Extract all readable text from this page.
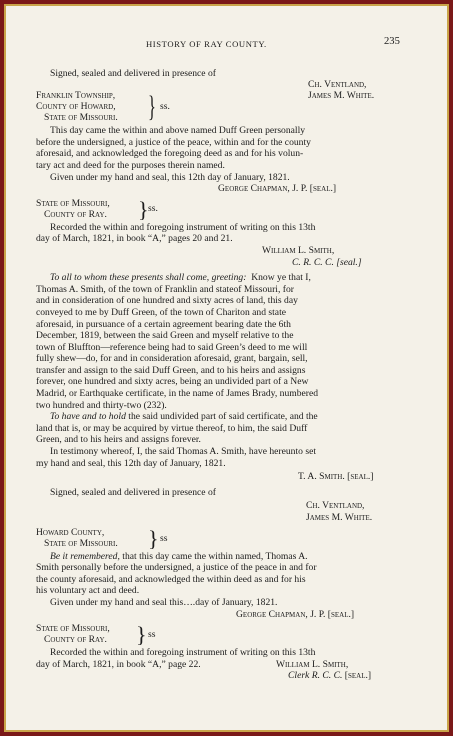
HISTORY OF RAY COUNTY.	235
Signed, sealed and delivered in presence of
Ch. Ventland,
Franklin Township,
County of Howard,
State of Missouri.
James M. White.
} ss.
This day came the within and above named Duff Green personally
before the undersigned, a justice of the peace, within and for the county
aforesaid, and acknowledged the foregoing deed as and for his volun-
tary act and deed for the purposes therein named.
Given under my hand and seal, this 12th day of January, 1821.
George Chapman, J. P. [seal.]
State of Missouri,
County of Ray. } ss.
Recorded the within and foregoing instrument of writing on this 13th
day of March, 1821, in book “A,” pages 20 and 21.
William L. Smith,
C. R. C. C. [seal.]
To all to whom these presents shall come, greeting: Know ye that I,
Thomas A. Smith, of the town of Franklin and stateof Missouri, for
and in consideration of one hundred and sixty acres of land, this day
conveyed to me by Duff Green, of the town of Chariton and state
aforesaid, in pursuance of a certain agreement bearing date the 6th
December, 1819, between the said Green and myself relative to the
town of Bluffton—reference being had to said Green’s deed to me will
fully shew—do, for and in consideration aforesaid, grant, bargain, sell,
transfer and assign to the said Duff Green, and to his heirs and assigns
forever, one hundred and sixty acres, being an undivided part of a New
Madrid, or Earthquake certificate, in the name of James Brady, numbered
two hundred and thirty-two (232).
To have and to hold the said undivided part of said certificate, and the
land that is, or may be acquired by virtue thereof, to him, the said Duff
Green, and to his heirs and assigns forever.
In testimony whereof, I, the said Thomas A. Smith, have hereunto set
my hand and seal, this 12th day of January, 1821.
T. A. Smith. [seal.]
Signed, sealed and delivered in presence of
Ch. Ventland,
James M. White.
Howard County,
State of Missouri. } ss
Be it remembered, that this day came the within named, Thomas A.
Smith personally before the undersigned, a justice of the peace in and for
the county aforesaid, and acknowledged the within deed as and for his
his voluntary act and deed.
Given under my hand and seal this….day of January, 1821.
George Chapman, J. P. [seal.]
State of Missouri,
County of Ray. } ss
Recorded the within and foregoing instrument of writing on this 13th
day of March, 1821, in book “A,” page 22.	William L. Smith,
Clerk R. C. C. [seal.]
